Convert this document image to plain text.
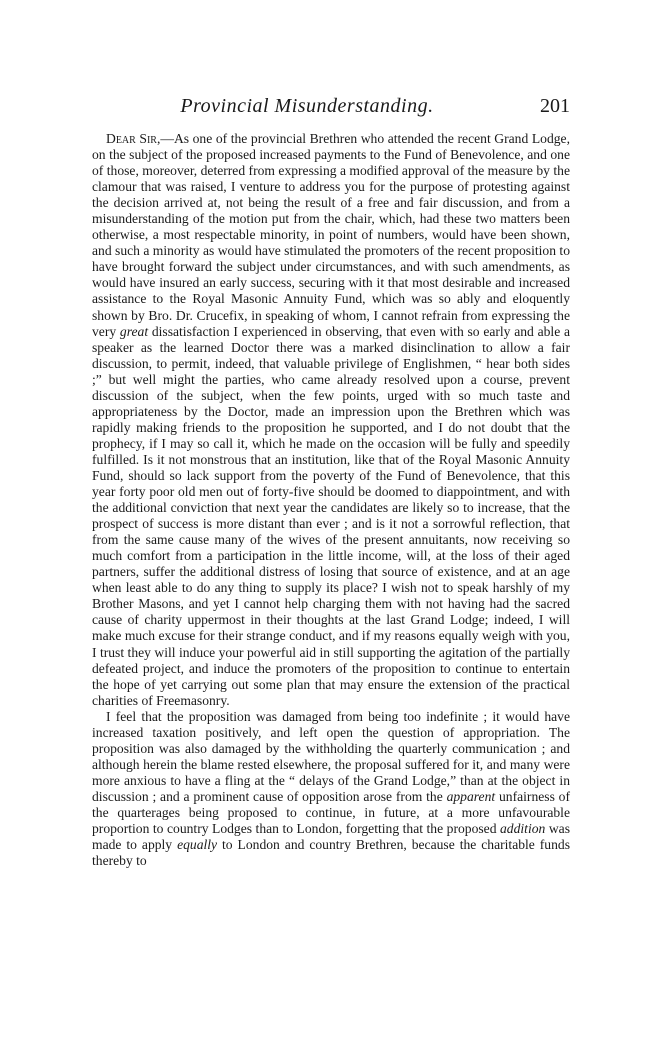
Provincial Misunderstanding.	201

Dear Sir,—As one of the provincial Brethren who attended the recent Grand Lodge, on the subject of the proposed increased payments to the Fund of Benevolence, and one of those, moreover, deterred from expressing a modified approval of the measure by the clamour that was raised, I venture to address you for the purpose of protesting against the decision arrived at, not being the result of a free and fair discussion, and from a misunderstanding of the motion put from the chair, which, had these two matters been otherwise, a most respectable minority, in point of numbers, would have been shown, and such a minority as would have stimulated the promoters of the recent proposition to have brought forward the subject under circumstances, and with such amendments, as would have insured an early success, securing with it that most desirable and increased assistance to the Royal Masonic Annuity Fund, which was so ably and eloquently shown by Bro. Dr. Crucefix, in speaking of whom, I cannot refrain from expressing the very great dissatisfaction I experienced in observing, that even with so early and able a speaker as the learned Doctor there was a marked disinclination to allow a fair discussion, to permit, indeed, that valuable privilege of Englishmen, “ hear both sides ;” but well might the parties, who came already resolved upon a course, prevent discussion of the subject, when the few points, urged with so much taste and appropriateness by the Doctor, made an impression upon the Brethren which was rapidly making friends to the proposition he supported, and I do not doubt that the prophecy, if I may so call it, which he made on the occasion will be fully and speedily fulfilled. Is it not monstrous that an institution, like that of the Royal Masonic Annuity Fund, should so lack support from the poverty of the Fund of Benevolence, that this year forty poor old men out of forty-five should be doomed to diappointment, and with the additional conviction that next year the candidates are likely so to increase, that the prospect of success is more distant than ever ; and is it not a sorrowful reflection, that from the same cause many of the wives of the present annuitants, now receiving so much comfort from a participation in the little income, will, at the loss of their aged partners, suffer the additional distress of losing that source of existence, and at an age when least able to do any thing to supply its place? I wish not to speak harshly of my Brother Masons, and yet I cannot help charging them with not having had the sacred cause of charity uppermost in their thoughts at the last Grand Lodge; indeed, I will make much excuse for their strange conduct, and if my reasons equally weigh with you, I trust they will induce your powerful aid in still supporting the agitation of the partially defeated project, and induce the promoters of the proposition to continue to entertain the hope of yet carrying out some plan that may ensure the extension of the practical charities of Freemasonry.

I feel that the proposition was damaged from being too indefinite ; it would have increased taxation positively, and left open the question of appropriation. The proposition was also damaged by the withholding the quarterly communication ; and although herein the blame rested elsewhere, the proposal suffered for it, and many were more anxious to have a fling at the “ delays of the Grand Lodge,” than at the object in discussion ; and a prominent cause of opposition arose from the apparent unfairness of the quarterages being proposed to continue, in future, at a more unfavourable proportion to country Lodges than to London, forgetting that the proposed addition was made to apply equally to London and country Brethren, because the charitable funds thereby to
